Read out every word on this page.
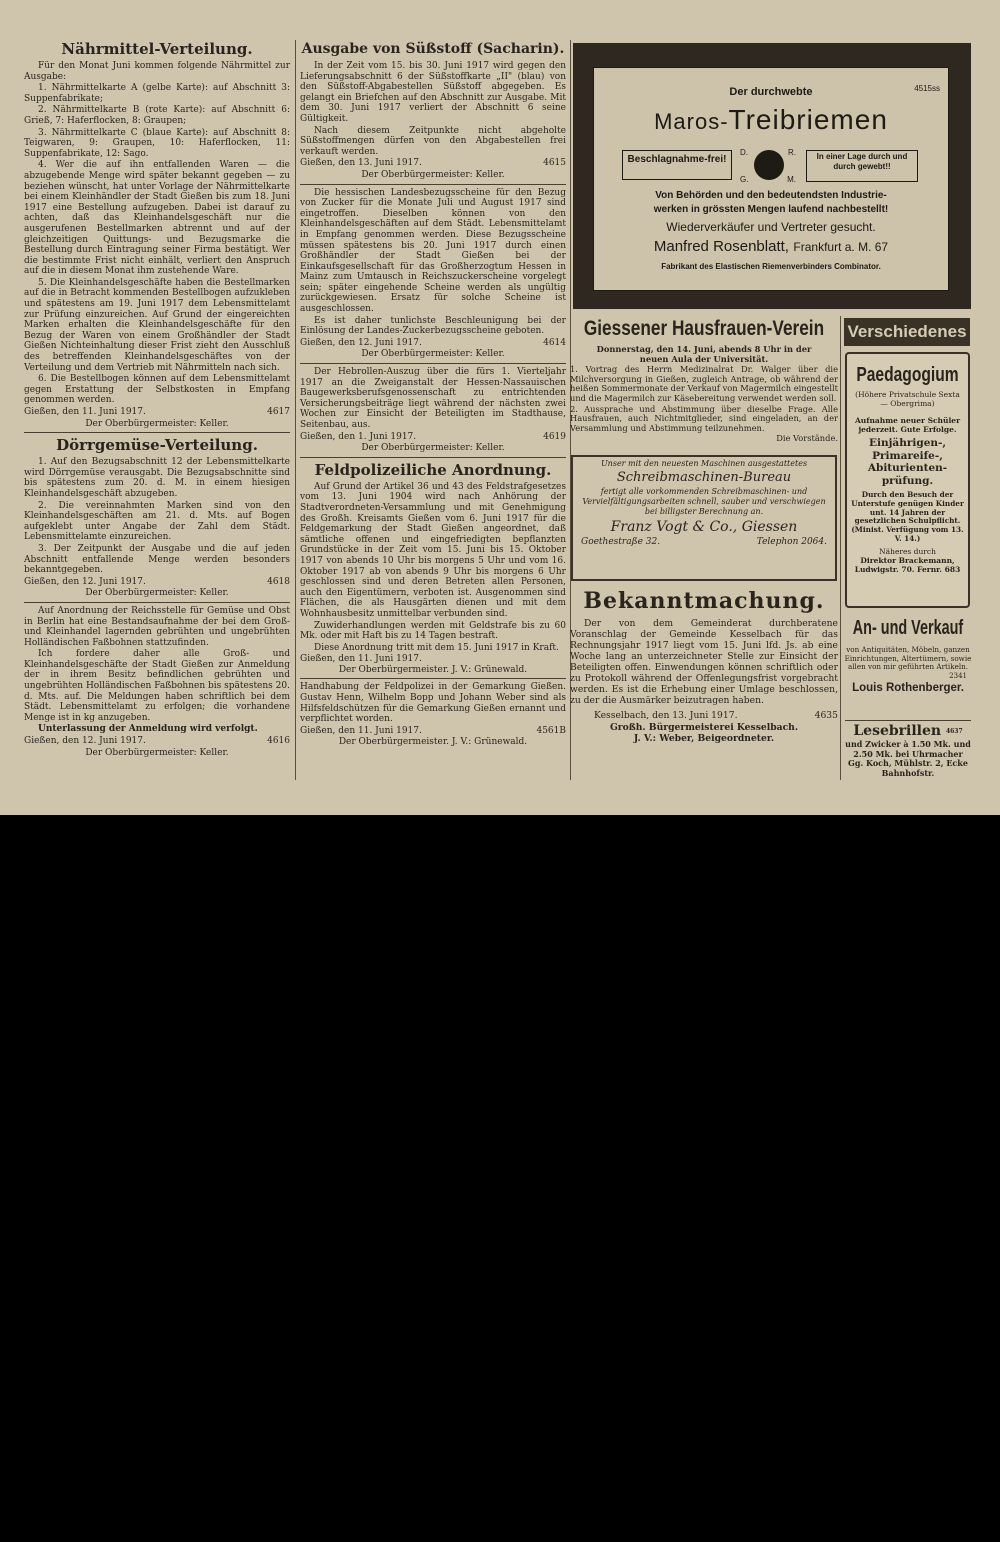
Nährmittel-Verteilung.

Für den Monat Juni kommen folgende Nährmittel zur Ausgabe:

1. Nährmittelkarte A (gelbe Karte): auf Abschnitt 3: Suppenfabrikate;

2. Nährmittelkarte B (rote Karte): auf Abschnitt 6: Grieß, 7: Haferflocken, 8: Graupen;

3. Nährmittelkarte C (blaue Karte): auf Abschnitt 8: Teigwaren, 9: Graupen, 10: Haferflocken, 11: Suppenfabrikate, 12: Sago.

4. Wer die auf ihn entfallenden Waren — die abzugebende Menge wird später bekannt gegeben — zu beziehen wünscht, hat unter Vorlage der Nährmittelkarte bei einem Kleinhändler der Stadt Gießen bis zum 18. Juni 1917 eine Bestellung aufzugeben. Dabei ist darauf zu achten, daß das Kleinhandelsgeschäft nur die ausgerufenen Bestellmarken abtrennt und auf der gleichzeitigen Quittungs- und Bezugsmarke die Bestellung durch Eintragung seiner Firma bestätigt. Wer die bestimmte Frist nicht einhält, verliert den Anspruch auf die in diesem Monat ihm zustehende Ware.

5. Die Kleinhandelsgeschäfte haben die Bestellmarken auf die in Betracht kommenden Bestellbogen aufzukleben und spätestens am 19. Juni 1917 dem Lebensmittelamt zur Prüfung einzureichen. Auf Grund der eingereichten Marken erhalten die Kleinhandelsgeschäfte für den Bezug der Waren von einem Großhändler der Stadt Gießen Nichteinhaltung dieser Frist zieht den Ausschluß des betreffenden Kleinhandelsgeschäftes von der Verteilung und dem Vertrieb mit Nährmitteln nach sich.

6. Die Bestellbogen können auf dem Lebensmittelamt gegen Erstattung der Selbstkosten in Empfang genommen werden.

Gießen, den 11. Juni 1917.	4617
Der Oberbürgermeister: Keller.
Dörrgemüse-Verteilung.

1. Auf den Bezugsabschnitt 12 der Lebensmittelkarte wird Dörrgemüse verausgabt. Die Bezugsabschnitte sind bis spätestens zum 20. d. M. in einem hiesigen Kleinhandelsgeschäft abzugeben.

2. Die vereinnahmten Marken sind von den Kleinhandelsgeschäften am 21. d. Mts. auf Bogen aufgeklebt unter Angabe der Zahl dem Städt. Lebensmittelamte einzureichen.

3. Der Zeitpunkt der Ausgabe und die auf jeden Abschnitt entfallende Menge werden besonders bekanntgegeben.

Gießen, den 12. Juni 1917.	4618
Der Oberbürgermeister: Keller.

Auf Anordnung der Reichsstelle für Gemüse und Obst in Berlin hat eine Bestandsaufnahme der bei dem Groß- und Kleinhandel lagernden gebrühten und ungebrühten Holländischen Faßbohnen stattzufinden.

Ich fordere daher alle Groß- und Kleinhandelsgeschäfte der Stadt Gießen zur Anmeldung der in ihrem Besitz befindlichen gebrühten und ungebrühten Holländischen Faßbohnen bis spätestens 20. d. Mts. auf. Die Meldungen haben schriftlich bei dem Städt. Lebensmittelamt zu erfolgen; die vorhandene Menge ist in kg anzugeben.

Unterlassung der Anmeldung wird verfolgt.

Gießen, den 12. Juni 1917.	4616
Der Oberbürgermeister: Keller.
Ausgabe von Süßstoff (Sacharin).

In der Zeit vom 15. bis 30. Juni 1917 wird gegen den Lieferungsabschnitt 6 der Süßstoffkarte „II" (blau) von den Süßstoff-Abgabestellen Süßstoff abgegeben. Es gelangt ein Briefchen auf den Abschnitt zur Ausgabe. Mit dem 30. Juni 1917 verliert der Abschnitt 6 seine Gültigkeit.

Nach diesem Zeitpunkte nicht abgeholte Süßstoffmengen dürfen von den Abgabestellen frei verkauft werden.

Gießen, den 13. Juni 1917.	4615
Der Oberbürgermeister: Keller.

Die hessischen Landesbezugsscheine für den Bezug von Zucker für die Monate Juli und August 1917 sind eingetroffen. Dieselben können von den Kleinhandelsgeschäften auf dem Städt. Lebensmittelamt in Empfang genommen werden. Diese Bezugsscheine müssen spätestens bis 20. Juni 1917 durch einen Großhändler der Stadt Gießen bei der Einkaufsgesellschaft für das Großherzogtum Hessen in Mainz zum Umtausch in Reichszuckerscheine vorgelegt sein; später eingehende Scheine werden als ungültig zurückgewiesen. Ersatz für solche Scheine ist ausgeschlossen.

Es ist daher tunlichste Beschleunigung bei der Einlösung der Landes-Zuckerbezugsscheine geboten.

Gießen, den 12. Juni 1917.	4614
Der Oberbürgermeister: Keller.

Der Hebrollen-Auszug über die fürs 1. Vierteljahr 1917 an die Zweiganstalt der Hessen-Nassauischen Baugewerksberufsgenossenschaft zu entrichtenden Versicherungsbeiträge liegt während der nächsten zwei Wochen zur Einsicht der Beteiligten im Stadthause, Seitenbau, aus.

Gießen, den 1. Juni 1917.	4619
Der Oberbürgermeister: Keller.
Feldpolizeiliche Anordnung.

Auf Grund der Artikel 36 und 43 des Feldstrafgesetzes vom 13. Juni 1904 wird nach Anhörung der Stadtverordneten-Versammlung und mit Genehmigung des Großh. Kreisamts Gießen vom 6. Juni 1917 für die Feldgemarkung der Stadt Gießen angeordnet, daß sämtliche offenen und eingefriedigten bepflanzten Grundstücke in der Zeit vom 15. Juni bis 15. Oktober 1917 von abends 10 Uhr bis morgens 5 Uhr und vom 16. Oktober 1917 ab von abends 9 Uhr bis morgens 6 Uhr geschlossen sind und deren Betreten allen Personen, auch den Eigentümern, verboten ist. Ausgenommen sind Flächen, die als Hausgärten dienen und mit dem Wohnhausbesitz unmittelbar verbunden sind.

Zuwiderhandlungen werden mit Geldstrafe bis zu 60 Mk. oder mit Haft bis zu 14 Tagen bestraft.

Diese Anordnung tritt mit dem 15. Juni 1917 in Kraft.

Gießen, den 11. Juni 1917.
Der Oberbürgermeister. J. V.: Grünewald.

Handhabung der Feldpolizei in der Gemarkung Gießen. Gustav Henn, Wilhelm Bopp und Johann Weber sind als Hilfsfeldschützen für die Gemarkung Gießen ernannt und verpflichtet worden.

Gießen, den 11. Juni 1917.	4561B
Der Oberbürgermeister. J. V.: Grünewald.
Der durchwebte	4515ss
Maros-Treibriemen
Beschlagnahme-frei!
D.	R.
G.	M.
In einer Lage durch und durch gewebt!!
Von Behörden und den bedeutendsten Industrie-
werken in grössten Mengen laufend nachbestellt!
Wiederverkäufer und Vertreter gesucht.
Manfred Rosenblatt, Frankfurt a. M. 67
Fabrikant des Elastischen Riemenverbinders Combinator.
Giessener Hausfrauen-Verein

Donnerstag, den 14. Juni, abends 8 Uhr in der neuen Aula der Universität.

1. Vortrag des Herrn Medizinalrat Dr. Walger über die Milchversorgung in Gießen, zugleich Antrage, ob während der heißen Sommermonate der Verkauf von Magermilch eingestellt und die Magermilch zur Käsebereitung verwendet werden soll.

2. Aussprache und Abstimmung über dieselbe Frage. Alle Hausfrauen, auch Nichtmitglieder, sind eingeladen, an der Versammlung und Abstimmung teilzunehmen.

Die Vorstände.
Unser mit den neuesten Maschinen ausgestattetes
Schreibmaschinen-Bureau
fertigt alle vorkommenden Schreibmaschinen- und Vervielfältigungsarbeiten schnell, sauber und verschwiegen bei billigster Berechnung an.
Franz Vogt & Co., Giessen
Goethestraße 32.	Telephon 2064.
Bekanntmachung.

Der von dem Gemeinderat durchberatene Voranschlag der Gemeinde Kesselbach für das Rechnungsjahr 1917 liegt vom 15. Juni lfd. Js. ab eine Woche lang an unterzeichneter Stelle zur Einsicht der Beteiligten offen. Einwendungen können schriftlich oder zu Protokoll während der Offenlegungsfrist vorgebracht werden. Es ist die Erhebung einer Umlage beschlossen, zu der die Ausmärker beizutragen haben.

Kesselbach, den 13. Juni 1917.	4635
Großh. Bürgermeisterei Kesselbach.
J. V.: Weber, Beigeordneter.
Verschiedenes
Paedagogium
(Höhere Privatschule Sexta — Obergrima)
Aufnahme neuer Schüler jederzeit. Gute Erfolge.
Einjährigen-, Primareife-, Abiturienten-prüfung.
Durch den Besuch der Unterstufe genügen Kinder unt. 14 Jahren der gesetzlichen Schulpflicht. (Minist. Verfügung vom 13. V. 14.)
Näheres durch
Direktor Brackemann,
Ludwigstr. 70. Fernr. 683
An- und Verkauf
von Antiquitäten, Möbeln, ganzen Einrichtungen, Altertümern, sowie allen von mir geführten Artikeln.
2341
Louis Rothenberger.
Lesebrillen $^{4637}$
und Zwicker à 1.50 Mk. und 2.50 Mk. bei Uhrmacher Gg. Koch, Mühlstr. 2, Ecke Bahnhofstr.
